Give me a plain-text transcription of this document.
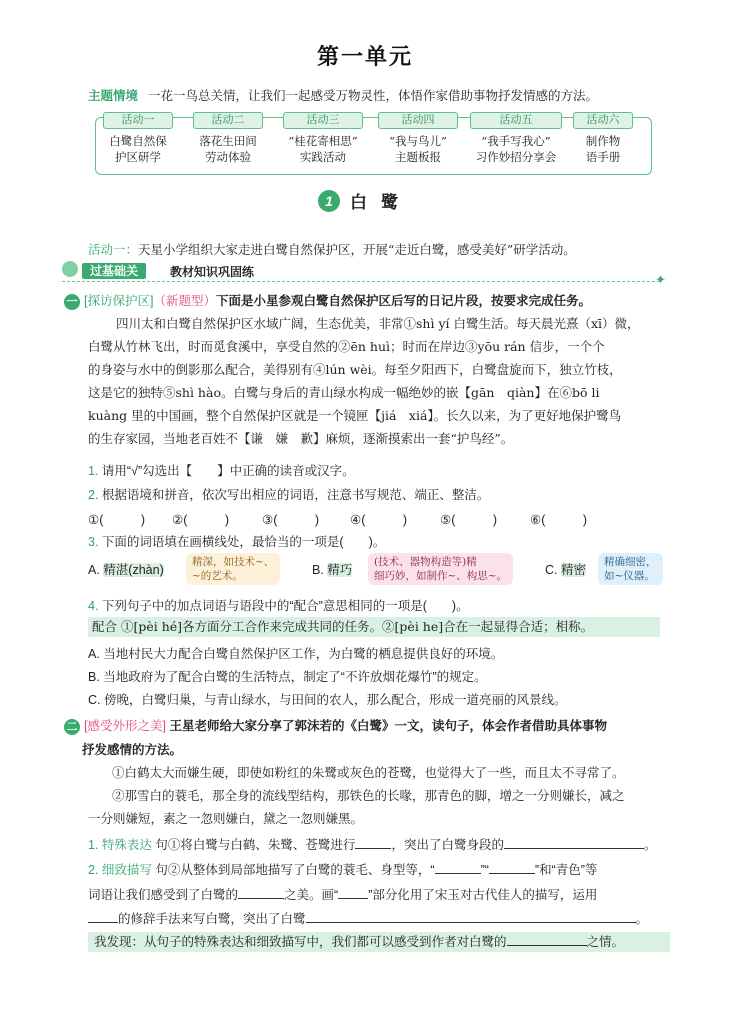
第一单元
主题情境 一花一鸟总关情，让我们一起感受万物灵性，体悟作家借助事物抒发情感的方法。
活动一
白鹭自然保
护区研学
活动二
落花生田间
劳动体验
活动三
“桂花寄相思”
实践活动
活动四
“我与鸟儿”
主题板报
活动五
“我手写我心”
习作妙招分享会
活动六
制作物
语手册
1 白鹭
活动一：天星小学组织大家走进白鹭自然保护区，开展“走近白鹭，感受美好”研学活动。
过基础关	教材知识巩固练
✦
一 [探访保护区]（新题型）下面是小星参观白鹭自然保护区后写的日记片段，按要求完成任务。
四川太和白鹭自然保护区水域广阔，生态优美，非常①shì yí 白鹭生活。每天晨光熹（xī）微，
白鹭从竹林飞出，时而觅食溪中，享受自然的②ēn huì；时而在岸边③yōu rán 信步，一个个
的身姿与水中的倒影那么配合，美得别有④lún wèi。每至夕阳西下，白鹭盘旋而下，独立竹枝，
这是它的独特⑤shì hào。白鹭与身后的青山绿水构成一幅绝妙的嵌【gān　qiàn】在⑥bō li
kuàng 里的中国画，整个自然保护区就是一个镜匣【jiá　xiá】。长久以来，为了更好地保护鹭鸟
的生存家园，当地老百姓不【谦　嫌　歉】麻烦，逐渐摸索出一套“护鸟经”。
1. 请用“√”勾选出【　　】中正确的读音或汉字。
2. 根据语境和拼音，依次写出相应的词语，注意书写规范、端正、整洁。
①(　　　) ②(　　　)	③(　　　) ④(　　　)	⑤(　　　)	⑥(　　　)
3. 下面的词语填在画横线处，最恰当的一项是(　　)。
A. 精湛(zhàn)
精深，如技术~、
~的艺术。	B. 精巧
(技术、器物构造等)精
细巧妙，如制作~、构思~。	C. 精密
精确细密，
如~仪器。
4. 下列句子中的加点词语与语段中的“配合”意思相同的一项是(　　)。
配合 ①[pèi hé]各方面分工合作来完成共同的任务。②[pèi he]合在一起显得合适；相称。
A. 当地村民大力配合白鹭自然保护区工作，为白鹭的栖息提供良好的环境。
B. 当地政府为了配合白鹭的生活特点，制定了“不许放烟花爆竹”的规定。
C. 傍晚，白鹭归巢，与青山绿水，与田间的农人，那么配合，形成一道亮丽的风景线。
二 [感受外形之美] 王星老师给大家分享了郭沫若的《白鹭》一文，读句子，体会作者借助具体事物
抒发感情的方法。
①白鹤太大而嫌生硬，即使如粉红的朱鹭或灰色的苍鹭，也觉得大了一些，而且太不寻常了。
②那雪白的蓑毛，那全身的流线型结构，那铁色的长喙，那青色的脚，增之一分则嫌长，减之
一分则嫌短，素之一忽则嫌白，黛之一忽则嫌黑。
1. 特殊表达 句①将白鹭与白鹤、朱鹭、苍鹭进行	，突出了白鹭身段的	。
2. 细致描写 句②从整体到局部地描写了白鹭的蓑毛、身型等，“	”“	”和“青色”等
词语让我们感受到了白鹭的	之美。画“ ”部分化用了宋玉对古代佳人的描写，运用
的修辞手法来写白鹭，突出了白鹭	。
我发现：从句子的特殊表达和细致描写中，我们都可以感受到作者对白鹭的	之情。
